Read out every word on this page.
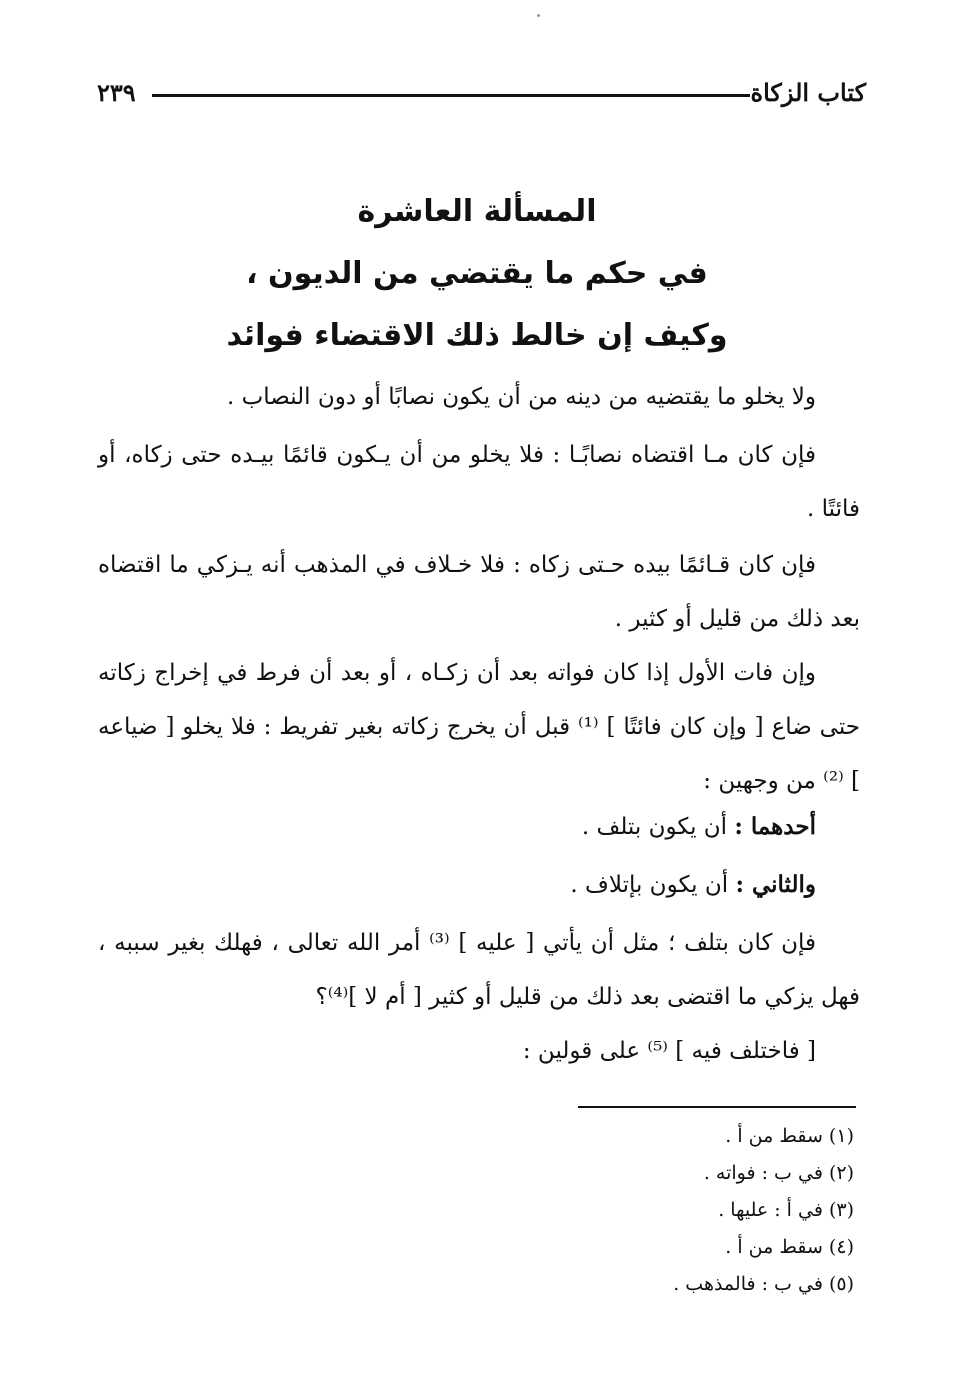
كتاب الزكاة
٢٣٩
المسألة العاشرة
في حكم ما يقتضي من الديون ،
وكيف إن خالط ذلك الاقتضاء فوائد
ولا يخلو ما يقتضيه من دينه من أن يكون نصابًا أو دون النصاب .
فإن كان مـا اقتضاه نصابًـا : فلا يخلو من أن يـكون قائمًا بيـده حتى زكاه، أو فائتًا .
فإن كان قـائمًا بيده حـتى زكاه : فلا خـلاف في المذهب أنه يـزكي ما اقتضاه بعد ذلك من قليل أو كثير .
وإن فات الأول إذا كان فواته بعد أن زكـاه ، أو بعد أن فرط في إخراج زكاته حتى ضاع [ وإن كان فائتًا ] ⁽¹⁾ قبل أن يخرج زكاته بغير تفريط : فلا يخلو [ ضياعه ] ⁽²⁾ من وجهين :
أحدهما : أن يكون بتلف .
والثاني : أن يكون بإتلاف .
فإن كان بتلف ؛ مثل أن يأتي [ عليه ] ⁽³⁾ أمر الله تعالى ، فهلك بغير سببه ، فهل يزكي ما اقتضى بعد ذلك من قليل أو كثير [ أم لا ]⁽⁴⁾؟
[ فاختلف فيه ] ⁽⁵⁾ على قولين :
(١) سقط من أ .
(٢) في ب : فواته .
(٣) في أ : عليها .
(٤) سقط من أ .
(٥) في ب : فالمذهب .
